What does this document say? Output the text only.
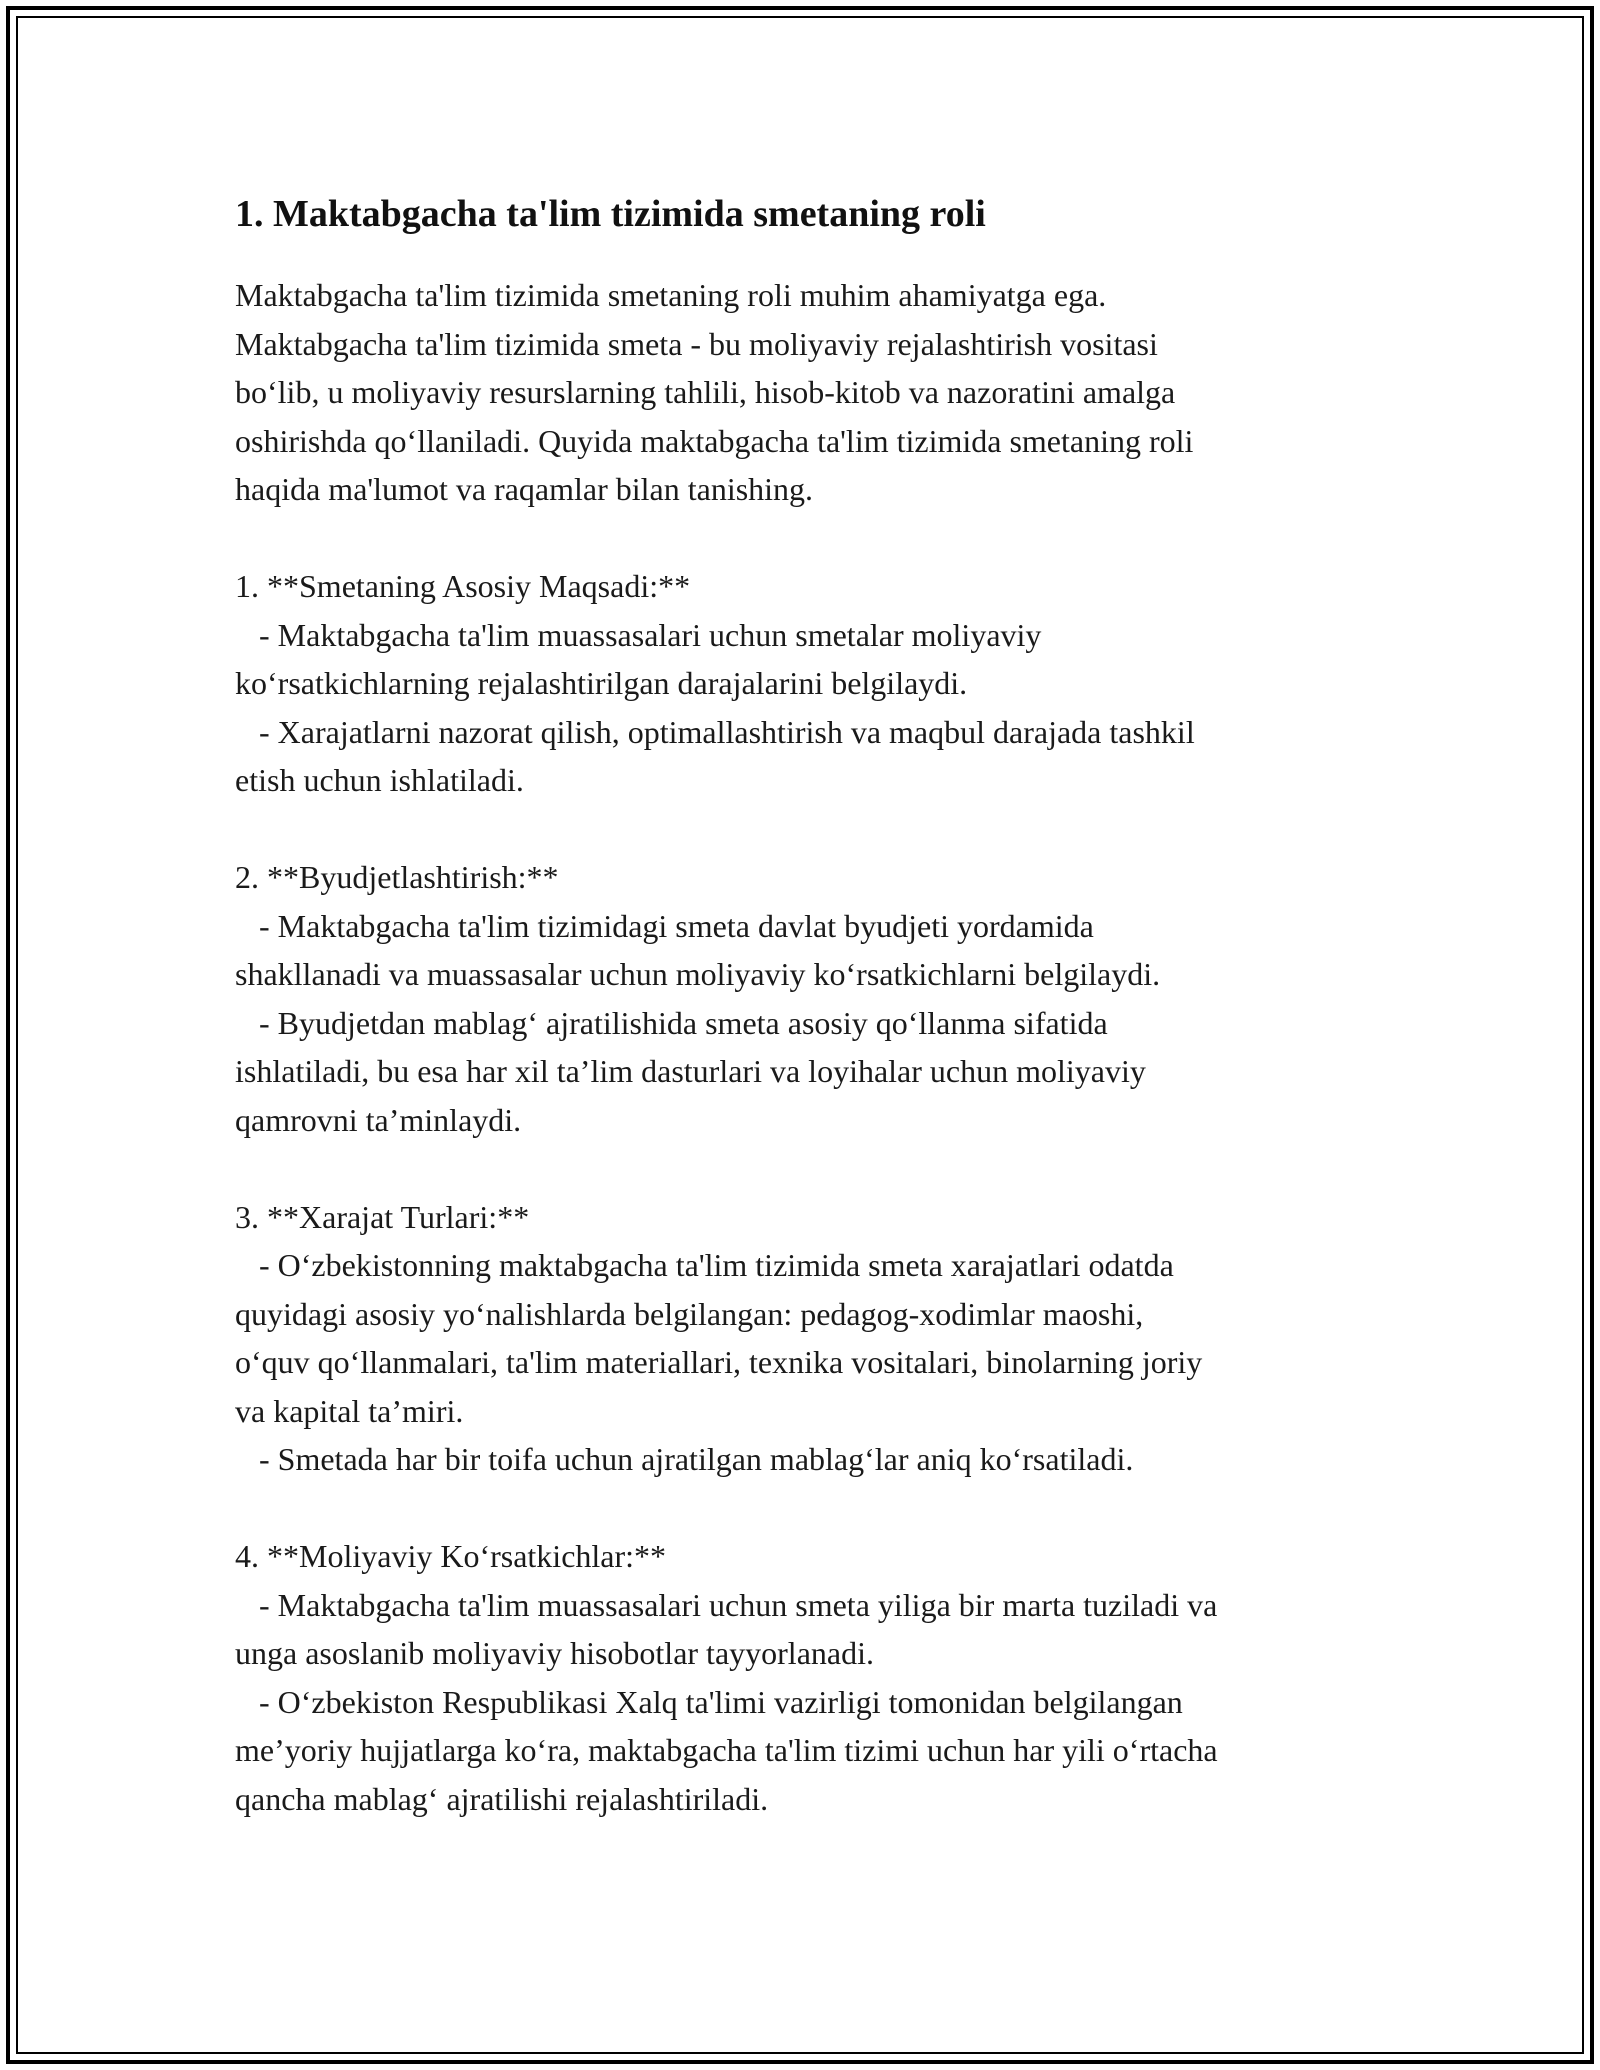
1. Maktabgacha ta'lim tizimida smetaning roli

Maktabgacha ta'lim tizimida smetaning roli muhim ahamiyatga ega.
Maktabgacha ta'lim tizimida smeta - bu moliyaviy rejalashtirish vositasi
bo‘lib, u moliyaviy resurslarning tahlili, hisob-kitob va nazoratini amalga
oshirishda qo‘llaniladi. Quyida maktabgacha ta'lim tizimida smetaning roli
haqida ma'lumot va raqamlar bilan tanishing.

1. **Smetaning Asosiy Maqsadi:**

- Maktabgacha ta'lim muassasalari uchun smetalar moliyaviy
ko‘rsatkichlarning rejalashtirilgan darajalarini belgilaydi.

- Xarajatlarni nazorat qilish, optimallashtirish va maqbul darajada tashkil
etish uchun ishlatiladi.

2. **Byudjetlashtirish:**

- Maktabgacha ta'lim tizimidagi smeta davlat byudjeti yordamida
shakllanadi va muassasalar uchun moliyaviy ko‘rsatkichlarni belgilaydi.

- Byudjetdan mablag‘ ajratilishida smeta asosiy qo‘llanma sifatida
ishlatiladi, bu esa har xil ta’lim dasturlari va loyihalar uchun moliyaviy
qamrovni ta’minlaydi.

3. **Xarajat Turlari:**

- O‘zbekistonning maktabgacha ta'lim tizimida smeta xarajatlari odatda
quyidagi asosiy yo‘nalishlarda belgilangan: pedagog-xodimlar maoshi,
o‘quv qo‘llanmalari, ta'lim materiallari, texnika vositalari, binolarning joriy
va kapital ta’miri.

- Smetada har bir toifa uchun ajratilgan mablag‘lar aniq ko‘rsatiladi.

4. **Moliyaviy Ko‘rsatkichlar:**

- Maktabgacha ta'lim muassasalari uchun smeta yiliga bir marta tuziladi va
unga asoslanib moliyaviy hisobotlar tayyorlanadi.

- O‘zbekiston Respublikasi Xalq ta'limi vazirligi tomonidan belgilangan
me’yoriy hujjatlarga ko‘ra, maktabgacha ta'lim tizimi uchun har yili o‘rtacha
qancha mablag‘ ajratilishi rejalashtiriladi.
